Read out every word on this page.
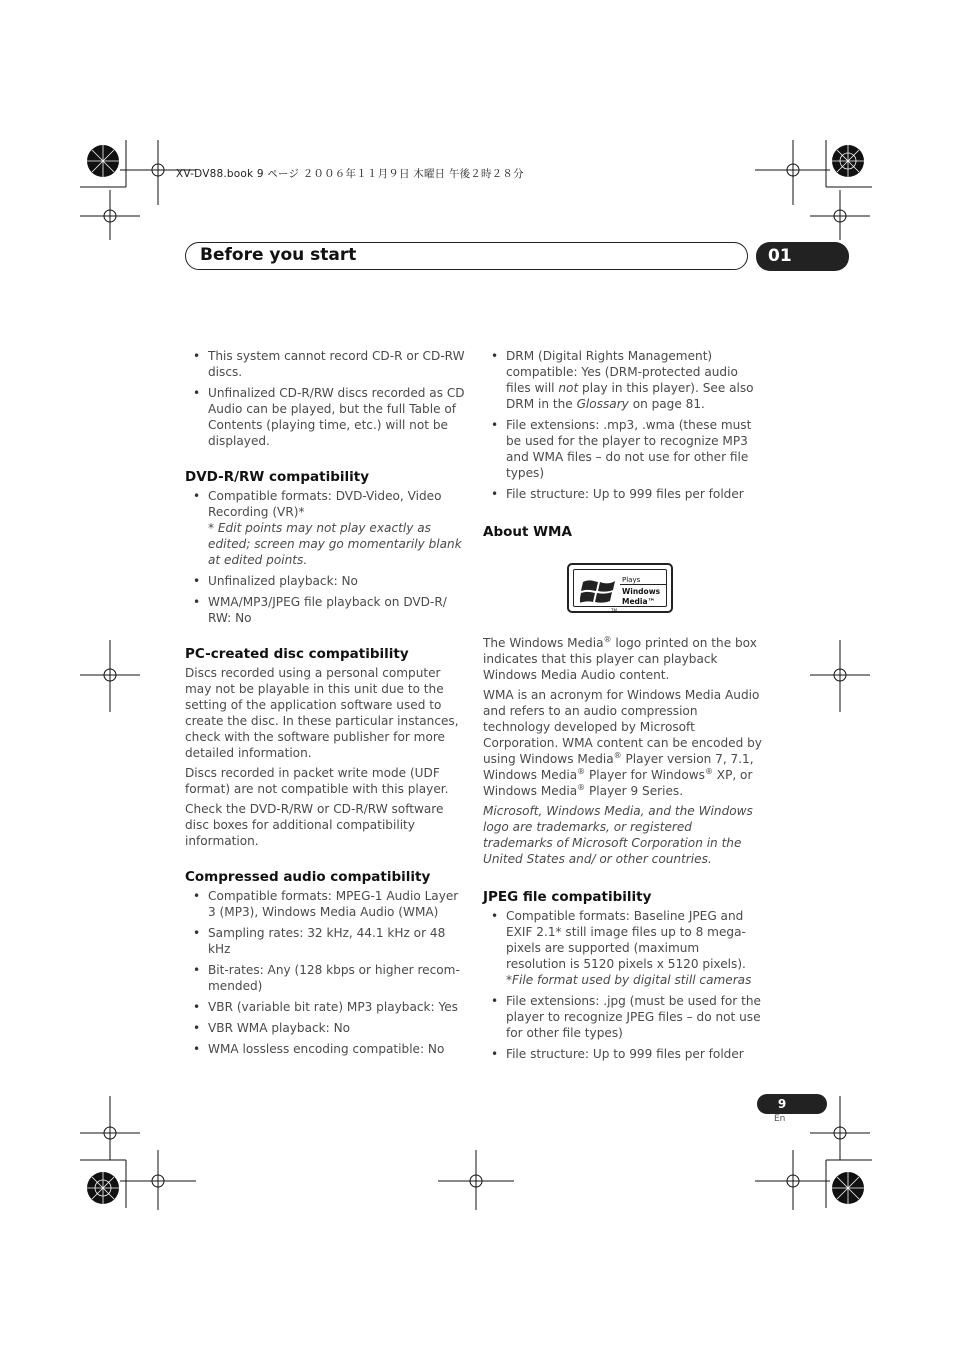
XV-DV88.book 9 ページ ２００６年１１月９日 木曜日 午後２時２８分
Before you start	01
• This system cannot record CD-R or CD-RW discs.
• Unfinalized CD-R/RW discs recorded as CD Audio can be played, but the full Table of Contents (playing time, etc.) will not be displayed.
DVD-R/RW compatibility
• Compatible formats: DVD-Video, Video Recording (VR)*
* Edit points may not play exactly as edited; screen may go momentarily blank at edited points.
• Unfinalized playback: No
• WMA/MP3/JPEG file playback on DVD-R/ RW: No
PC-created disc compatibility

Discs recorded using a personal computer may not be playable in this unit due to the setting of the application software used to create the disc. In these particular instances, check with the software publisher for more detailed information.

Discs recorded in packet write mode (UDF format) are not compatible with this player.

Check the DVD-R/RW or CD-R/RW software disc boxes for additional compatibility information.

Compressed audio compatibility
• Compatible formats: MPEG-1 Audio Layer 3 (MP3), Windows Media Audio (WMA)
• Sampling rates: 32 kHz, 44.1 kHz or 48 kHz
• Bit-rates: Any (128 kbps or higher recom-mended)
• VBR (variable bit rate) MP3 playback: Yes
• VBR WMA playback: No
• WMA lossless encoding compatible: No
• DRM (Digital Rights Management) compatible: Yes (DRM-protected audio files will not play in this player). See also DRM in the Glossary on page 81.
• File extensions: .mp3, .wma (these must be used for the player to recognize MP3 and WMA files – do not use for other file types)
• File structure: Up to 999 files per folder
About WMA
TM
Plays
Windows
Media™

The Windows Media® logo printed on the box indicates that this player can playback Windows Media Audio content.

WMA is an acronym for Windows Media Audio and refers to an audio compression technology developed by Microsoft Corporation. WMA content can be encoded by using Windows Media® Player version 7, 7.1, Windows Media® Player for Windows® XP, or Windows Media® Player 9 Series.

Microsoft, Windows Media, and the Windows logo are trademarks, or registered trademarks of Microsoft Corporation in the United States and/ or other countries.

JPEG file compatibility
• Compatible formats: Baseline JPEG and EXIF 2.1* still image files up to 8 mega-pixels are supported (maximum resolution is 5120 pixels x 5120 pixels).
*File format used by digital still cameras
• File extensions: .jpg (must be used for the player to recognize JPEG files – do not use for other file types)
• File structure: Up to 999 files per folder
9
En
